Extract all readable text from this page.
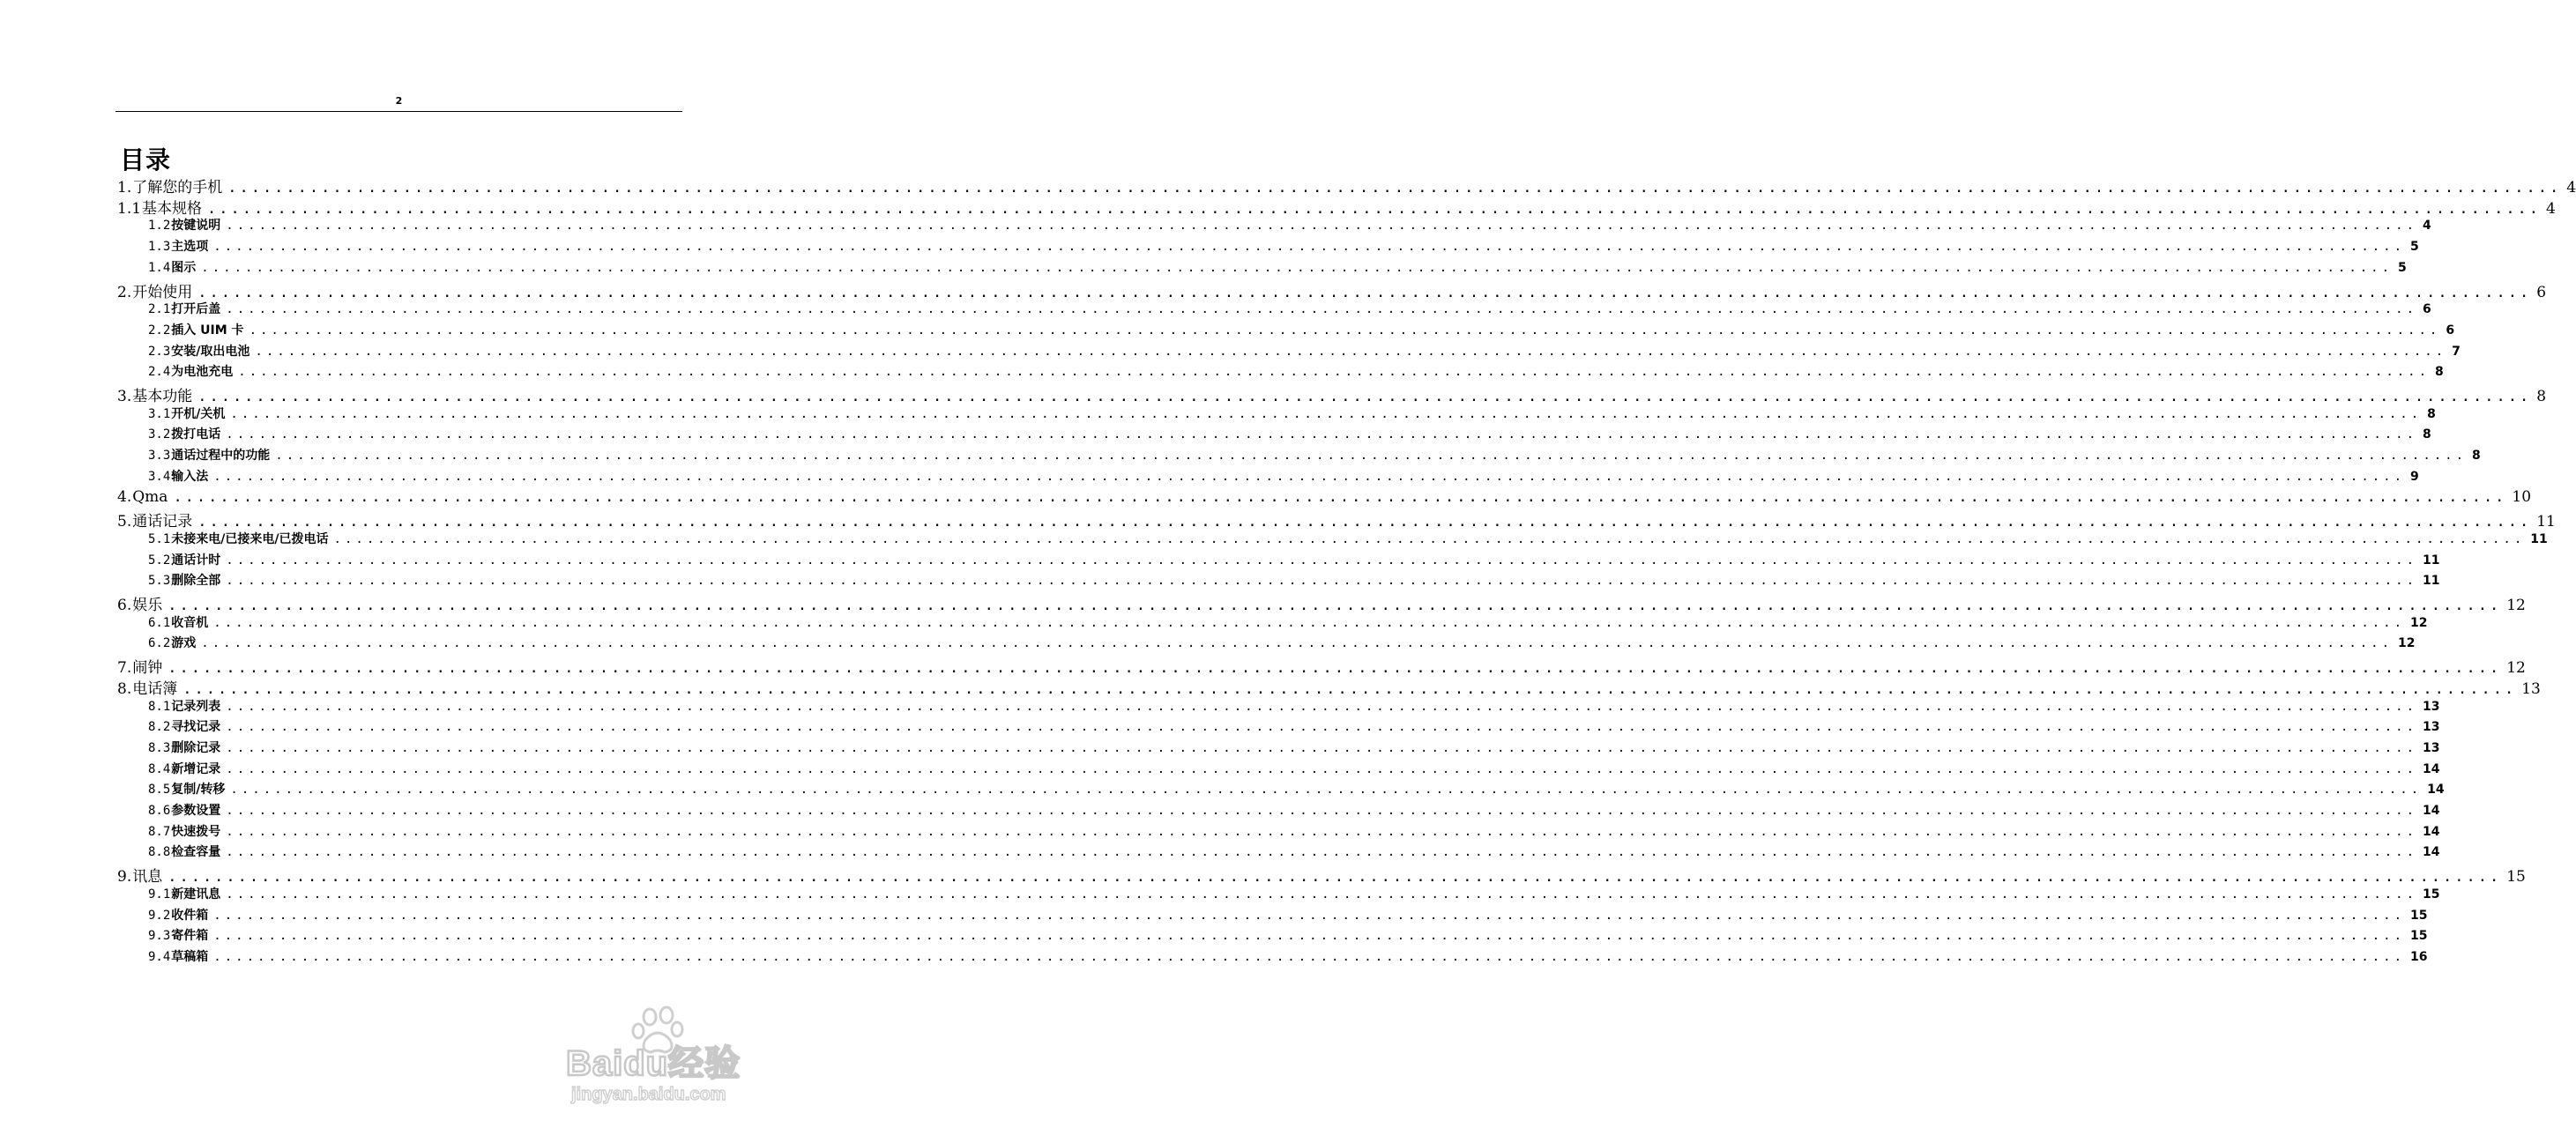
2
目录
1. 了解您的手机 ........................................................................................................................................................................................................ 4
1.1 基本规格 ........................................................................................................................................................................................................ 4
1.2 按键说明 ........................................................................................................................................................................................................ 4
1.3 主选项 ........................................................................................................................................................................................................ 5
1.4 图示 ........................................................................................................................................................................................................ 5
2. 开始使用 ........................................................................................................................................................................................................ 6
2.1 打开后盖 ........................................................................................................................................................................................................ 6
2.2 插入 UIM 卡 ........................................................................................................................................................................................................ 6
2.3 安装/取出电池 ........................................................................................................................................................................................................ 7
2.4 为电池充电 ........................................................................................................................................................................................................ 8
3. 基本功能 ........................................................................................................................................................................................................ 8
3.1 开机/关机 ........................................................................................................................................................................................................ 8
3.2 拨打电话 ........................................................................................................................................................................................................ 8
3.3 通话过程中的功能 ........................................................................................................................................................................................................ 8
3.4 输入法 ........................................................................................................................................................................................................ 9
4. Qma ........................................................................................................................................................................................................ 10
5. 通话记录 ........................................................................................................................................................................................................ 11
5.1 未接来电/已接来电/已拨电话 ........................................................................................................................................................................................................ 11
5.2 通话计时 ........................................................................................................................................................................................................ 11
5.3 删除全部 ........................................................................................................................................................................................................ 11
6. 娱乐 ........................................................................................................................................................................................................ 12
6.1 收音机 ........................................................................................................................................................................................................ 12
6.2 游戏 ........................................................................................................................................................................................................ 12
7. 闹钟 ........................................................................................................................................................................................................ 12
8. 电话簿 ........................................................................................................................................................................................................ 13
8.1 记录列表 ........................................................................................................................................................................................................ 13
8.2 寻找记录 ........................................................................................................................................................................................................ 13
8.3 删除记录 ........................................................................................................................................................................................................ 13
8.4 新增记录 ........................................................................................................................................................................................................ 14
8.5 复制/转移 ........................................................................................................................................................................................................ 14
8.6 参数设置 ........................................................................................................................................................................................................ 14
8.7 快速拨号 ........................................................................................................................................................................................................ 14
8.8 检查容量 ........................................................................................................................................................................................................ 14
9. 讯息 ........................................................................................................................................................................................................ 15
9.1 新建讯息 ........................................................................................................................................................................................................ 15
9.2 收件箱 ........................................................................................................................................................................................................ 15
9.3 寄件箱 ........................................................................................................................................................................................................ 15
9.4 草稿箱 ........................................................................................................................................................................................................ 16
Baidu经验
jingyan.baidu.com
